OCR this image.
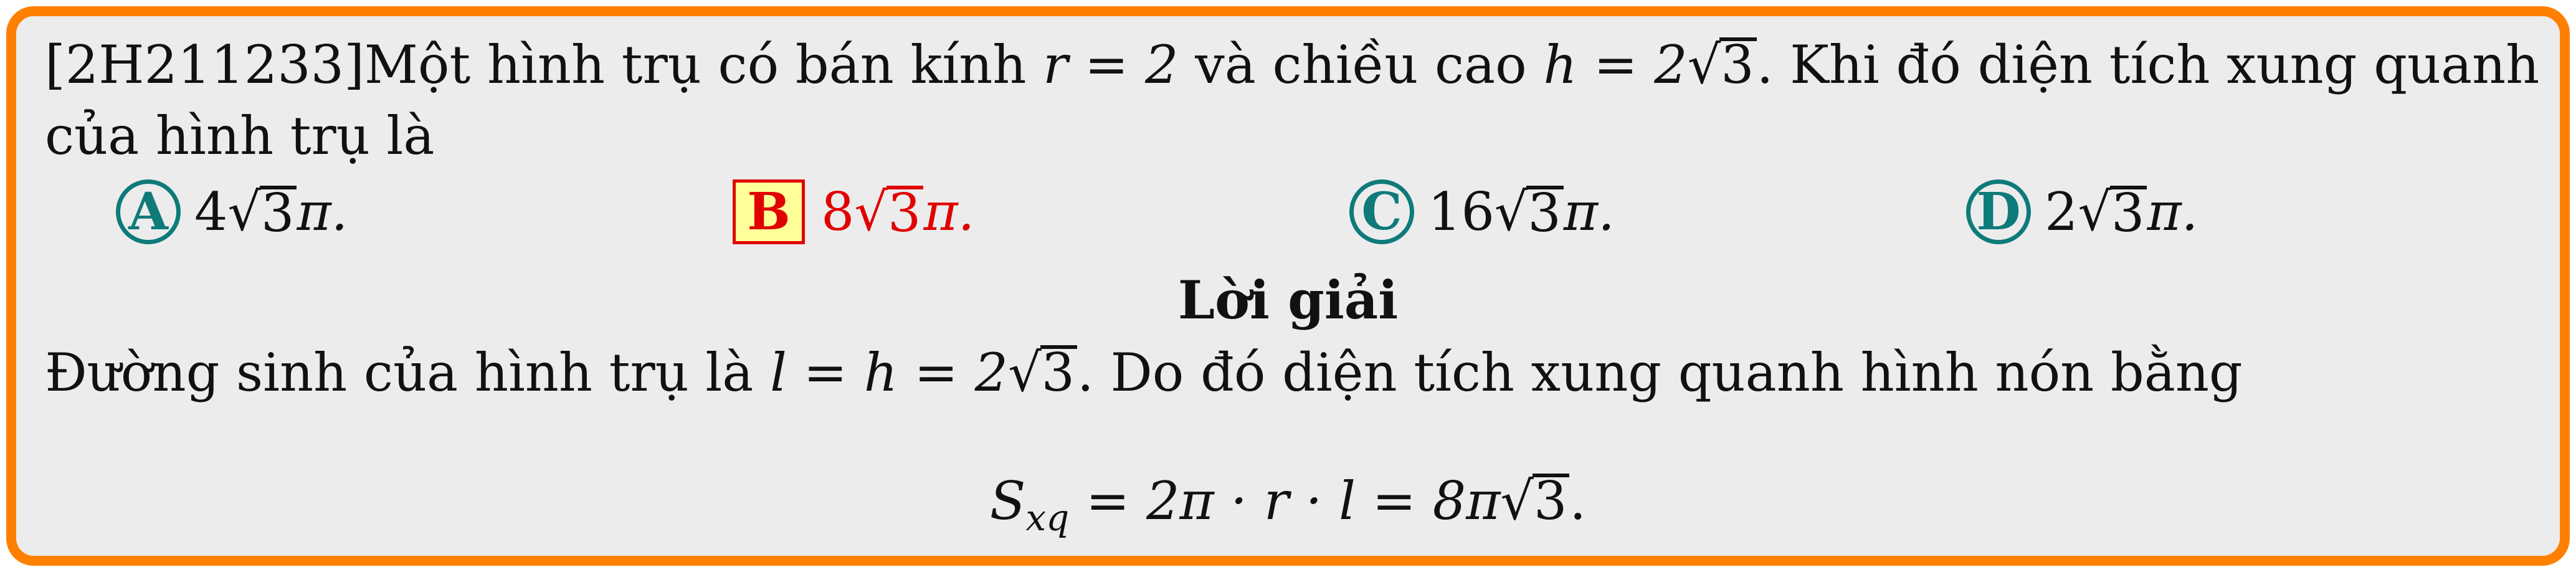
[2H211233]Một hình trụ có bán kính r = 2 và chiều cao h = 2√3. Khi đó diện tích xung quanh
của hình trụ là
A 4 √ 3 π.	B 8 √ 3 π.	C 16 √ 3 π.	D 2 √ 3 π.
Lời giải
Đường sinh của hình trụ là l = h = 2√3. Do đó diện tích xung quanh hình nón bằng
$S_{xq} = 2\pi \cdot r \cdot l = 8\pi√3$.
